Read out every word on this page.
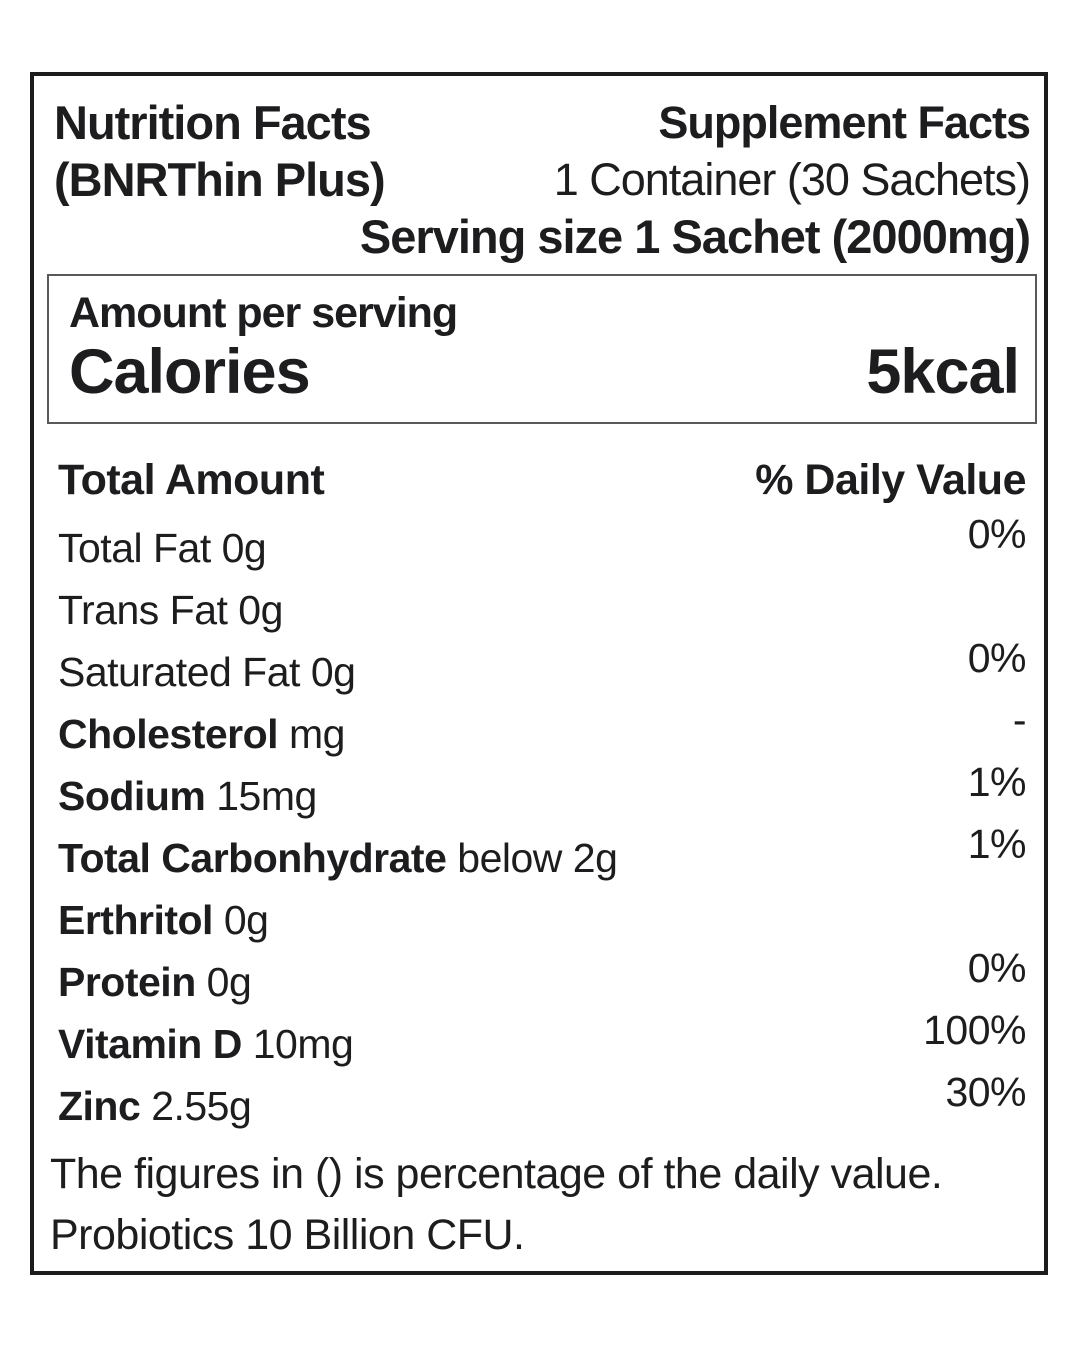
Nutrition Facts
(BNRThin Plus)
Supplement Facts
1 Container (30 Sachets)
Serving size 1 Sachet (2000mg)
Amount per serving
Calories	5kcal
Total Amount	% Daily Value
Total Fat 0g	0%
Trans Fat 0g
Saturated Fat 0g	0%
Cholesterol mg	-
Sodium 15mg	1%
Total Carbonhydrate below 2g	1%
Erthritol 0g
Protein 0g	0%
Vitamin D 10mg	100%
Zinc 2.55g	30%
The figures in () is percentage of the daily value.
Probiotics 10 Billion CFU.
